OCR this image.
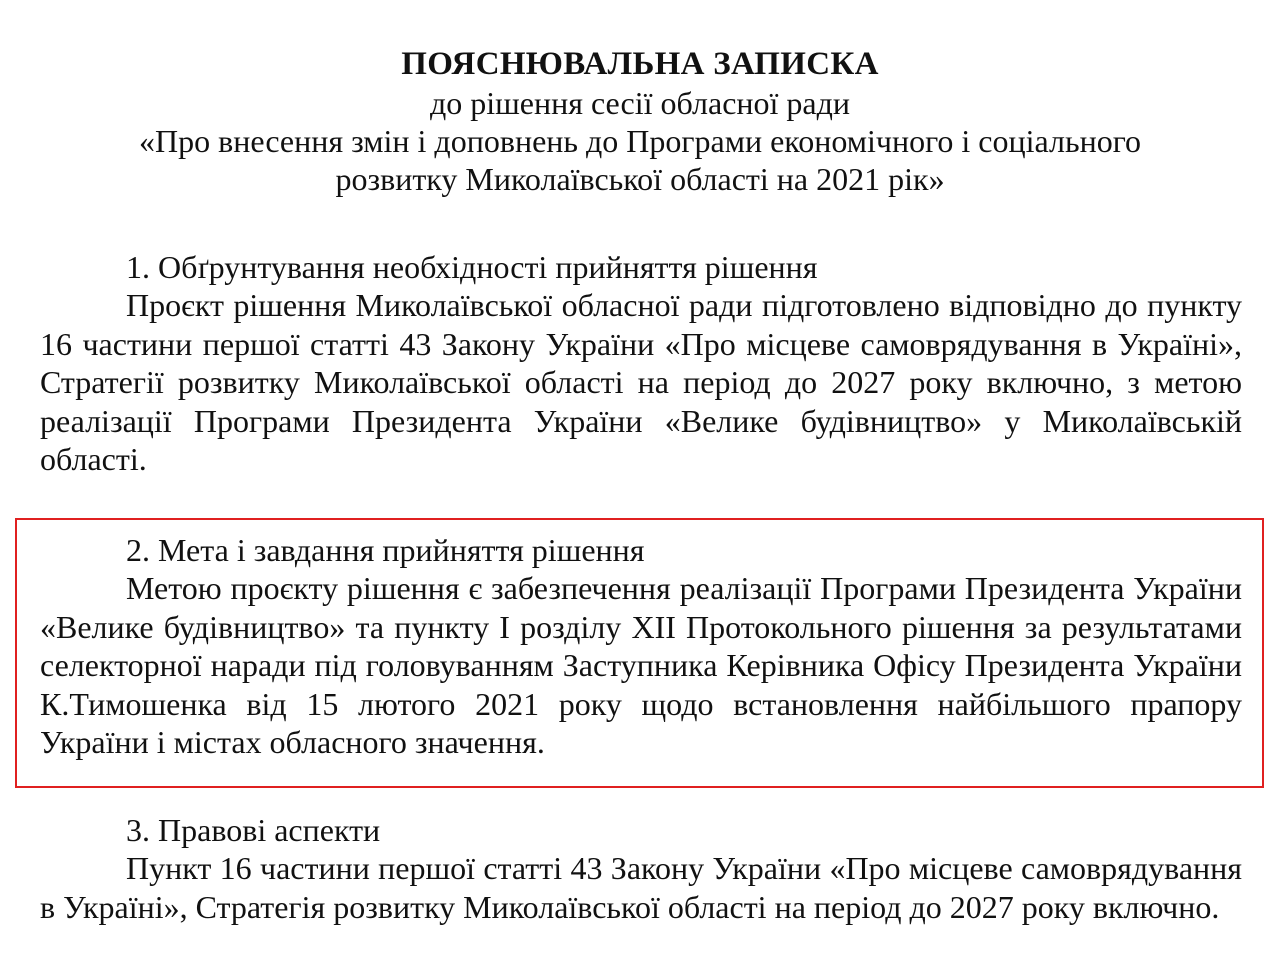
ПОЯСНЮВАЛЬНА ЗАПИСКА
до рішення сесії обласної ради
«Про внесення змін і доповнень до Програми економічного і соціального
розвитку Миколаївської області на 2021 рік»
1. Обґрунтування необхідності прийняття рішення

Проєкт рішення Миколаївської обласної ради підготовлено відповідно до пункту 16 частини першої статті 43 Закону України «Про місцеве самоврядування в Україні», Стратегії розвитку Миколаївської області на період до 2027 року включно, з метою реалізації Програми Президента України «Велике будівництво» у Миколаївській області.

2. Мета і завдання прийняття рішення

Метою проєкту рішення є забезпечення реалізації Програми Президента України «Велике будівництво» та пункту І розділу ХІІ Протокольного рішення за результатами селекторної наради під головуванням Заступника Керівника Офісу Президента України К.Тимошенка від 15 лютого 2021 року щодо встановлення найбільшого прапору України і містах обласного значення.

3. Правові аспекти

Пункт 16 частини першої статті 43 Закону України «Про місцеве самоврядування в Україні», Стратегія розвитку Миколаївської області на період до 2027 року включно.
